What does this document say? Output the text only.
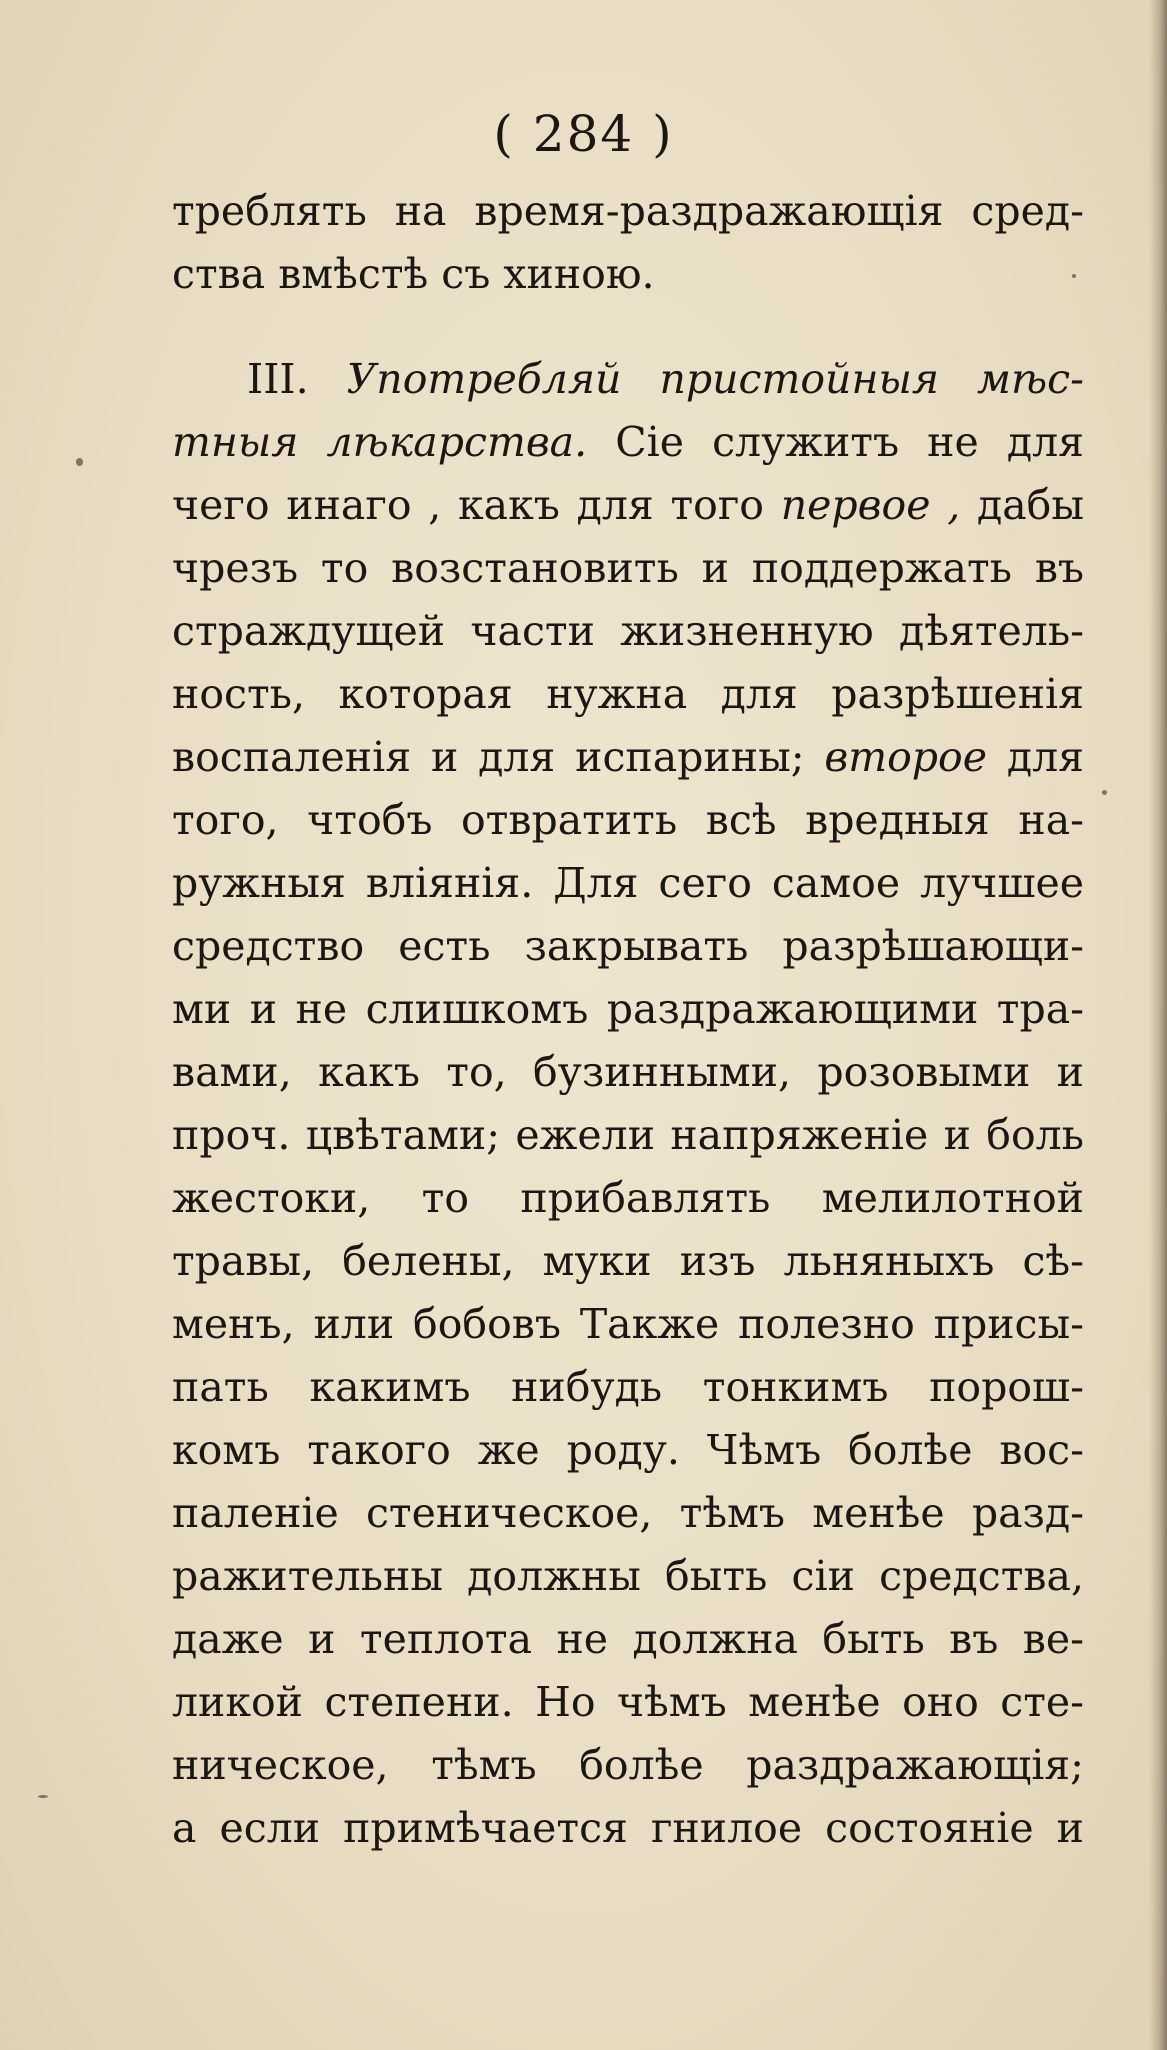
( 284 )
треблять на время-раздражающія сред-
ства вмѣстѣ съ хиною.
III. Употребляй пристойныя мѣс-
тныя лѣкарства. Сіе служитъ не для
чего инаго , какъ для того первое , дабы
чрезъ то возстановить и поддержать въ
страждущей части жизненную дѣятель-
ность, которая нужна для разрѣшенія
воспаленія и для испарины; второе для
того, чтобъ отвратить всѣ вредныя на-
ружныя вліянія. Для сего самое лучшее
средство есть закрывать разрѣшающи-
ми и не слишкомъ раздражающими тра-
вами, какъ то, бузинными, розовыми и
проч. цвѣтами; ежели напряженіе и боль
жестоки, то прибавлять мелилотной
травы, белены, муки изъ льняныхъ сѣ-
менъ, или бобовъ Также полезно присы-
пать какимъ нибудь тонкимъ порош-
комъ такого же роду. Чѣмъ болѣе вос-
паленіе стеническое, тѣмъ менѣе разд-
ражительны должны быть сіи средства,
даже и теплота не должна быть въ ве-
ликой степени. Но чѣмъ менѣе оно сте-
ническое, тѣмъ болѣе раздражающія;
а если примѣчается гнилое состояніе и
